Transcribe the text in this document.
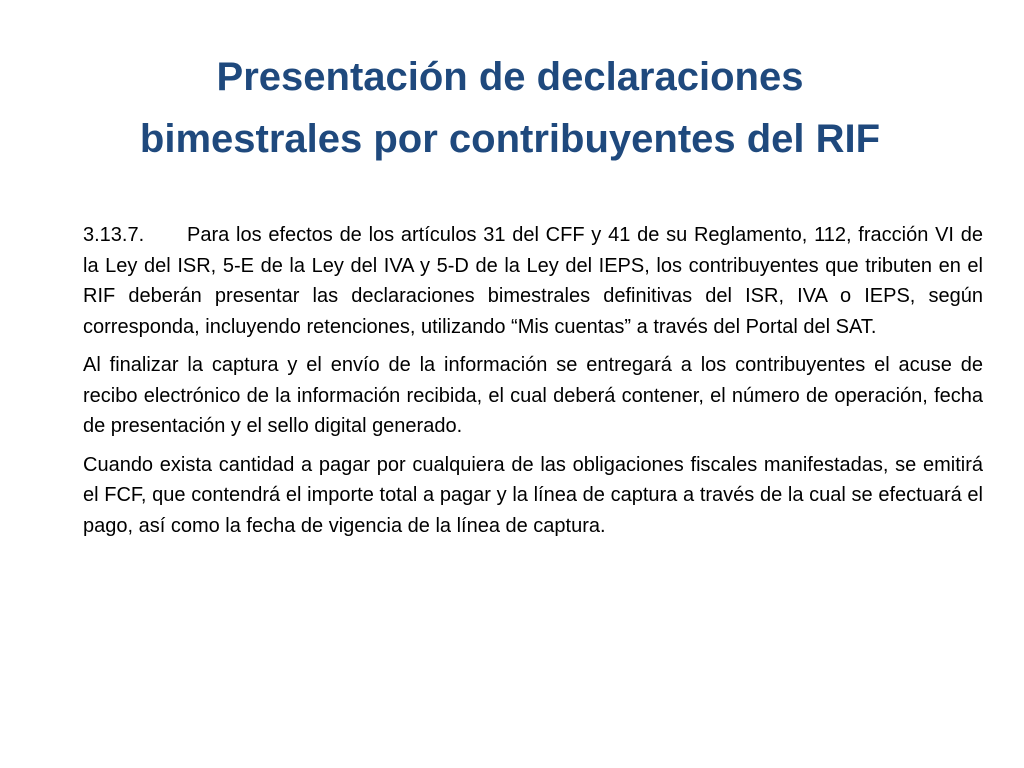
Presentación de declaraciones
bimestrales por contribuyentes del RIF

3.13.7. Para los efectos de los artículos 31 del CFF y 41 de su Reglamento, 112, fracción VI de la Ley del ISR, 5-E de la Ley del IVA y 5-D de la Ley del IEPS, los contribuyentes que tributen en el RIF deberán presentar las declaraciones bimestrales definitivas del ISR, IVA o IEPS, según corresponda, incluyendo retenciones, utilizando “Mis cuentas” a través del Portal del SAT.

Al finalizar la captura y el envío de la información se entregará a los contribuyentes el acuse de recibo electrónico de la información recibida, el cual deberá contener, el número de operación, fecha de presentación y el sello digital generado.

Cuando exista cantidad a pagar por cualquiera de las obligaciones fiscales manifestadas, se emitirá el FCF, que contendrá el importe total a pagar y la línea de captura a través de la cual se efectuará el pago, así como la fecha de vigencia de la línea de captura.
